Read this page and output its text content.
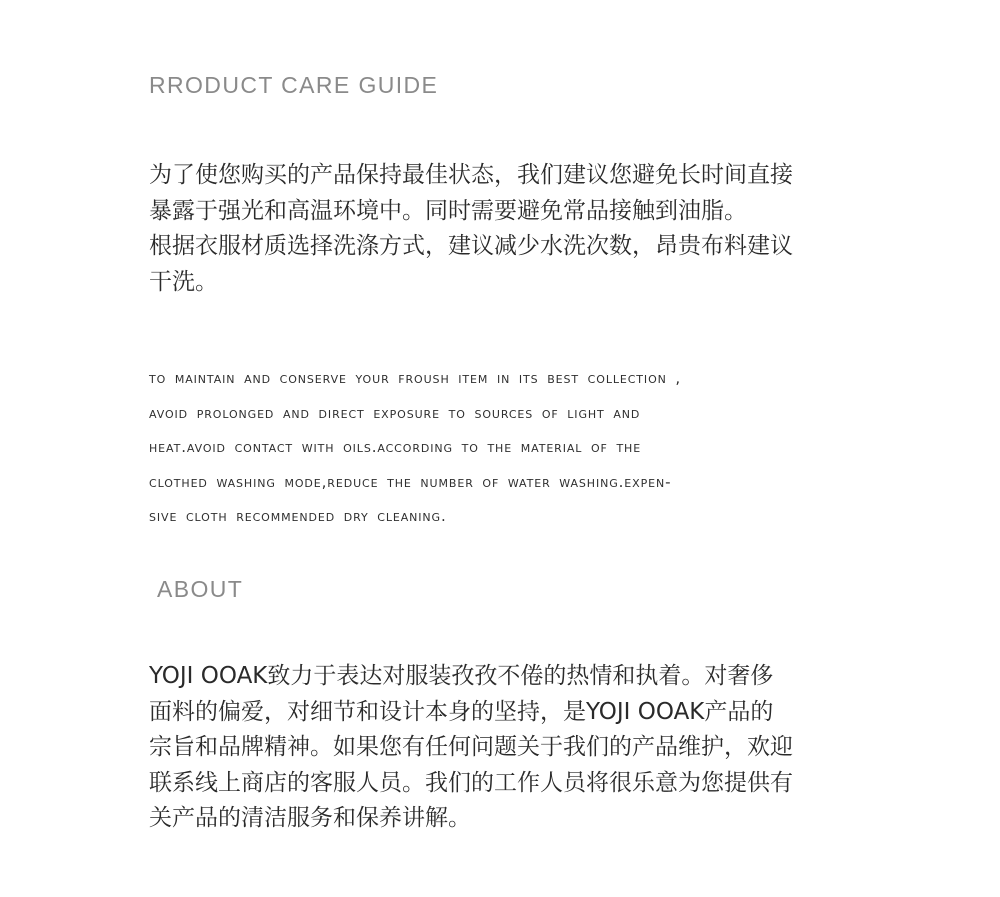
RRODUCT CARE GUIDE

为了使您购买的产品保持最佳状态，我们建议您避免长时间直接
暴露于强光和高温环境中。同时需要避免常品接触到油脂。
根据衣服材质选择洗涤方式，建议减少水洗次数，昂贵布料建议
干洗。

to maintain and conserve your froush item in its best collection ,
avoid prolonged and direct exposure to sources of light and
heat.avoid contact with oils.according to the material of the
clothed washing mode,reduce the number of water washing.expen-
sive cloth recommended dry cleaning.

ABOUT

YOJI OOAK致力于表达对服装孜孜不倦的热情和执着。对奢侈
面料的偏爱，对细节和设计本身的坚持，是YOJI OOAK产品的
宗旨和品牌精神。如果您有任何问题关于我们的产品维护，欢迎
联系线上商店的客服人员。我们的工作人员将很乐意为您提供有
关产品的清洁服务和保养讲解。
